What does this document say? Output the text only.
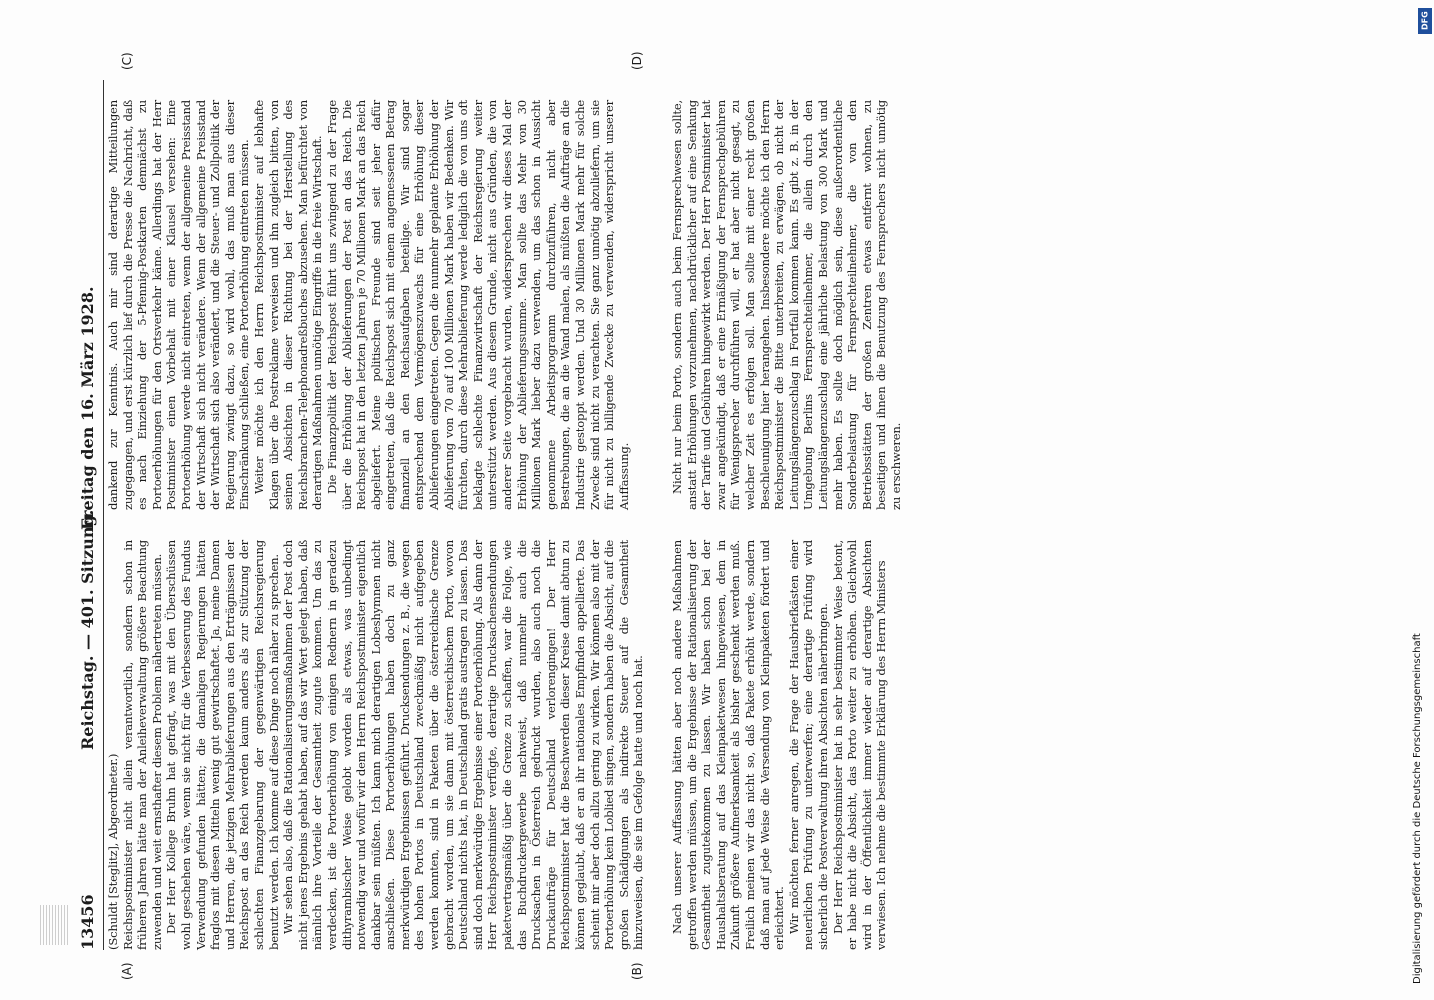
13456
Reichstag. — 401. Sitzung.
Freitag den 16. März 1928.

(Schuldt [Steglitz], Abgeordneter.) Reichspostminister nicht allein verantwortlich, sondern schon in früheren Jahren hätte man der Anleiheverwaltung größere Beachtung zuwenden und weit ernsthafter diesem Problem nähertreten müssen. Der Herr Kollege Bruhn hat gefragt, was mit den Überschüssen wohl geschehen wäre, wenn sie nicht für die Verbesserung des Fundus Verwendung gefunden hätten; die damaligen Regierungen hätten fraglos mit diesen Mitteln wenig gut gewirtschaftet. Ja, meine Damen und Herren, die jetzigen Mehrablieferungen aus den Erträgnissen der Reichspost an das Reich werden kaum anders als zur Stützung der schlechten Finanzgebarung der gegenwärtigen Reichsregierung benutzt werden. Ich komme auf diese Dinge noch näher zu sprechen. Wir sehen also, daß die Rationalisierungsmaßnahmen der Post doch nicht jenes Ergebnis gehabt haben, auf das wir Wert gelegt haben, daß nämlich ihre Vorteile der Gesamtheit zugute kommen. Um das zu verdecken, ist die Portoerhöhung von einigen Rednern in geradezu dithyrambischer Weise gelobt worden als etwas, was unbedingt notwendig war und wofür wir dem Herrn Reichspostminister eigentlich dankbar sein müßten. Ich kann mich derartigen Lobeshymnen nicht anschließen. Diese Portoerhöhungen haben doch zu ganz merkwürdigen Ergebnissen geführt. Drucksendungen z. B., die wegen des hohen Portos in Deutschland zweckmäßig nicht aufgegeben werden konnten, sind in Paketen über die österreichische Grenze gebracht worden, um sie dann mit österreichischem Porto, wovon Deutschland nichts hat, in Deutschland gratis austragen zu lassen. Das sind doch merkwürdige Ergebnisse einer Portoerhöhung. Als dann der Herr Reichspostminister verfügte, derartige Drucksachensendungen paketvertragsmäßig über die Grenze zu schaffen, war die Folge, wie das Buchdruckergewerbe nachweist, daß nunmehr auch die Drucksachen in Österreich gedruckt wurden, also auch noch die Druckaufträge für Deutschland verlorengingen! Der Herr Reichspostminister hat die Beschwerden dieser Kreise damit abtun zu können geglaubt, daß er an ihr nationales Empfinden appellierte. Das scheint mir aber doch allzu gering zu wirken. Wir können also mit der Portoerhöhung kein Loblied singen, sondern haben die Absicht, auf die großen Schädigungen als indirekte Steuer auf die Gesamtheit hinzuweisen, die sie im Gefolge hatte und noch hat. Nach unserer Auffassung hätten aber noch andere Maßnahmen getroffen werden müssen, um die Ergebnisse der Rationalisierung der Gesamtheit zugutekommen zu lassen. Wir haben schon bei der Haushaltsberatung auf das Kleinpaketwesen hingewiesen, dem in Zukunft größere Aufmerksamkeit als bisher geschenkt werden muß. Freilich meinen wir das nicht so, daß Pakete erhöht werde, sondern daß man auf jede Weise die Versendung von Kleinpaketen fördert und erleichtert. Wir möchten ferner anregen, die Frage der Hausbriefkästen einer neuerlichen Prüfung zu unterwerfen; eine derartige Prüfung wird sicherlich die Postverwaltung ihren Absichten näherbringen. Der Herr Reichspostminister hat in sehr bestimmter Weise betont, er habe nicht die Absicht, das Porto weiter zu erhöhen. Gleichwohl wird in der Öffentlichkeit immer wieder auf derartige Absichten verwiesen. Ich nehme die bestimmte Erklärung des Herrn Ministers

dankend zur Kenntnis. Auch mir sind derartige Mitteilungen zugegangen, und erst kürzlich lief durch die Presse die Nachricht, daß es nach Einziehung der 5-Pfennig-Postkarten demnächst zu Portoerhöhungen für den Ortsverkehr käme. Allerdings hat der Herr Postminister einen Vorbehalt mit einer Klausel versehen: Eine Portoerhöhung werde nicht eintreten, wenn der allgemeine Preisstand der Wirtschaft sich nicht verändere. Wenn der allgemeine Preisstand der Wirtschaft sich also verändert, und die Steuer- und Zollpolitik der Regierung zwingt dazu, so wird wohl, das muß man aus dieser Einschränkung schließen, eine Portoerhöhung eintreten müssen. Weiter möchte ich den Herrn Reichspostminister auf lebhafte Klagen über die Postreklame verweisen und ihn zugleich bitten, von seinen Absichten in dieser Richtung bei der Herstellung des Reichsbranchen-Telephonadreßbuches abzusehen. Man befürchtet von derartigen Maßnahmen unnötige Eingriffe in die freie Wirtschaft. Die Finanzpolitik der Reichspost führt uns zwingend zu der Frage über die Erhöhung der Ablieferungen der Post an das Reich. Die Reichspost hat in den letzten Jahren je 70 Millionen Mark an das Reich abgeliefert. Meine politischen Freunde sind seit jeher dafür eingetreten, daß die Reichspost sich mit einem angemessenen Betrag finanziell an den Reichsaufgaben beteilige. Wir sind sogar entsprechend dem Vermögenszuwachs für eine Erhöhung dieser Ablieferungen eingetreten. Gegen die nunmehr geplante Erhöhung der Ablieferung von 70 auf 100 Millionen Mark haben wir Bedenken. Wir fürchten, durch diese Mehrablieferung werde lediglich die von uns oft beklagte schlechte Finanzwirtschaft der Reichsregierung weiter unterstützt werden. Aus diesem Grunde, nicht aus Gründen, die von anderer Seite vorgebracht wurden, widersprechen wir dieses Mal der Erhöhung der Ablieferungssumme. Man sollte das Mehr von 30 Millionen Mark lieber dazu verwenden, um das schon in Aussicht genommene Arbeitsprogramm durchzuführen, nicht aber Bestrebungen, die an die Wand malen, als müßten die Aufträge an die Industrie gestoppt werden. Und 30 Millionen Mark mehr für solche Zwecke sind nicht zu verachten. Sie ganz unnötig abzuliefern, um sie für nicht zu billigende Zwecke zu verwenden, widerspricht unserer Auffassung.	Nicht nur beim Porto, sondern auch beim Fernsprechwesen sollte, anstatt Erhöhungen vorzunehmen, nachdrücklicher auf eine Senkung der Tarife und Gebühren hingewirkt werden. Der Herr Postminister hat zwar angekündigt, daß er eine Ermäßigung der Fernsprechgebühren für Wenigsprecher durchführen will, er hat aber nicht gesagt, zu welcher Zeit es erfolgen soll. Man sollte mit einer recht großen Beschleunigung hier herangehen. Insbesondere möchte ich den Herrn Reichspostminister die Bitte unterbreiten, zu erwägen, ob nicht der Leitungslängenzuschlag in Fortfall kommen kann. Es gibt z. B. in der Umgebung Berlins Fernsprechteilnehmer, die allein durch den Leitungslängenzuschlag eine jährliche Belastung von 300 Mark und mehr haben. Es sollte doch möglich sein, diese außerordentliche Sonderbelastung für Fernsprechteilnehmer, die von den Betriebsstätten der großen Zentren etwas entfernt wohnen, zu beseitigen und ihnen die Benutzung des Fernsprechers nicht unnötig zu erschweren.

(A)	(B)
(C)	(D)
DFG
Digitalisierung gefördert durch die Deutsche Forschungsgemeinschaft
